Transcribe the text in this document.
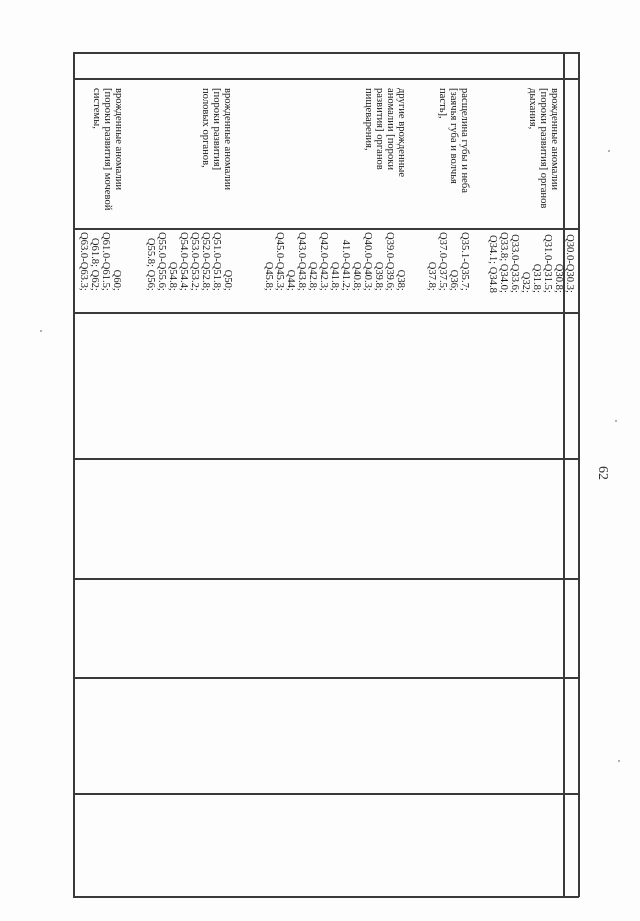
врожденные аномалии
[пороки развития] органов
дыхания,
Q30.0-Q30.3;
Q30.8;
Q31.0-Q31.5;
Q31.8;
Q32;
Q33.0-Q33.6;
Q33.8; Q34.0;
Q34.1; Q34.8
расщелина губы и неба
[заячья губа и волчья
пасть],
Q35.1-Q35.7;
Q36;
Q37.0-Q37.5;
Q37.8;
другие врожденные
аномалии [пороки
развития] органов
пищеварения,
Q38;
Q39.0-Q39.6;
Q39.8;
Q40.0-Q40.3;
Q40.8;
41.0-Q41.2;
Q41.8;
Q42.0-Q42.3;
Q42.8;
Q43.0-Q43.8;
Q44;
Q45.0-Q45.3;
Q45.8;
врожденные аномалии
[пороки развития]
половых органов,
Q50;
Q51.0-Q51.8;
Q52.0-Q52.8;
Q53.0-Q53.2;
Q54.0-Q54.4;
Q54.8;
Q55.0-Q55.6;
Q55.8; Q56;
врожденные аномалии
[пороки развития] мочевой
системы,
Q60;
Q61.0-Q61.5;
Q61.8; Q62;
Q63.0-Q63.3;
62
